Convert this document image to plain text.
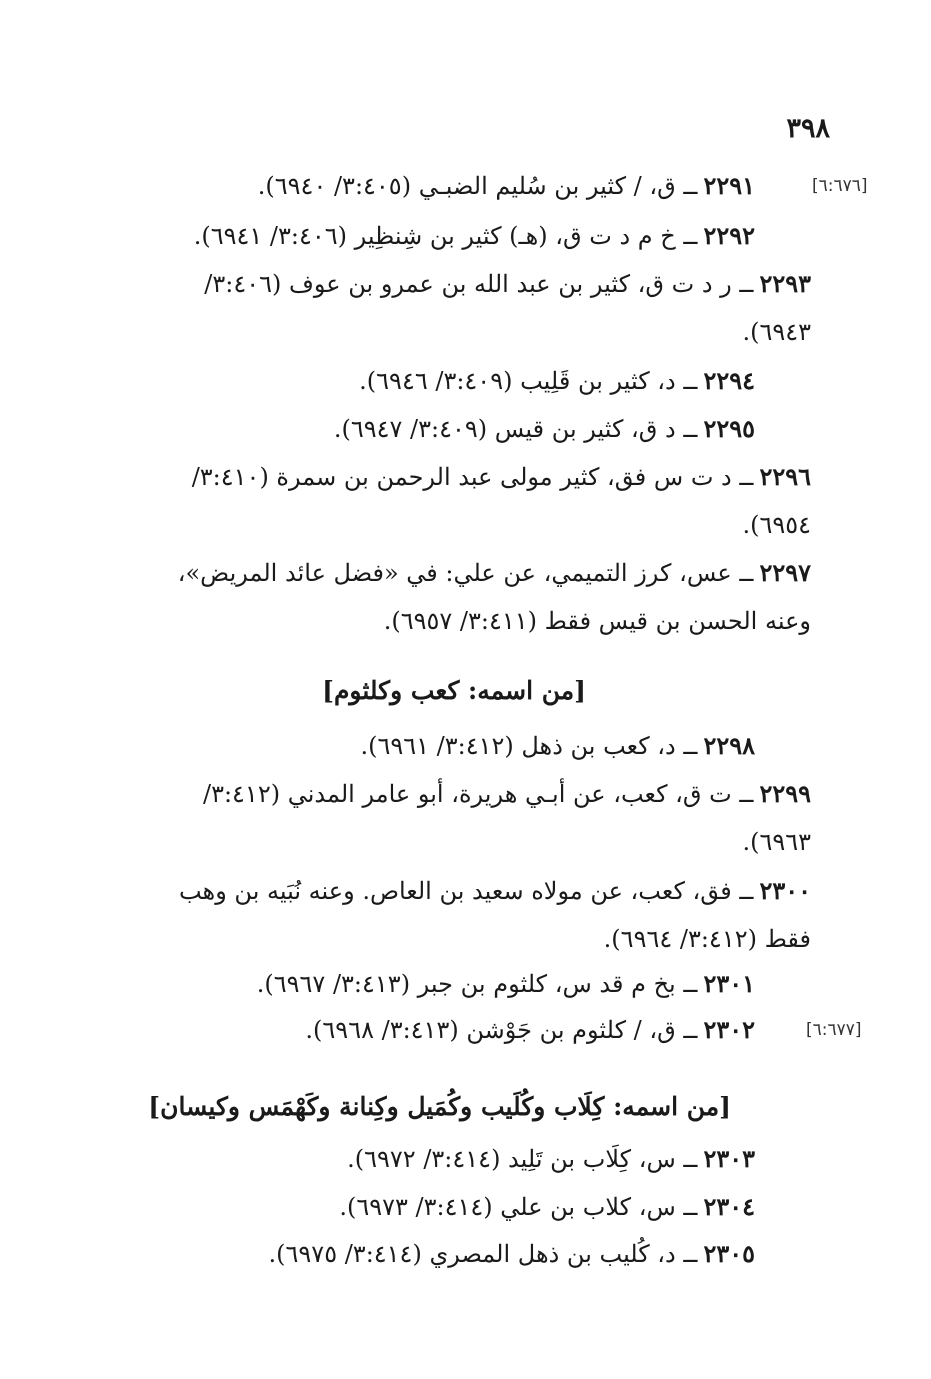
٣٩٨
[٦:٦٧٦]
[٦:٦٧٧]
٢٢٩١ــ ق، / كثير بن سُليم الضبـي (٣:٤٠٥/ ٦٩٤٠).
٢٢٩٢ــ خ م د ت ق، (هـ) كثير بن شِنظِير (٣:٤٠٦/ ٦٩٤١).
٢٢٩٣ــ ر د ت ق، كثير بن عبد الله بن عمرو بن عوف (٣:٤٠٦/
٦٩٤٣).
٢٢٩٤ــ د، كثير بن قَلِيب (٣:٤٠٩/ ٦٩٤٦).
٢٢٩٥ــ د ق، كثير بن قيس (٣:٤٠٩/ ٦٩٤٧).
٢٢٩٦ــ د ت س فق، كثير مولى عبد الرحمن بن سمرة (٣:٤١٠/
٦٩٥٤).
٢٢٩٧ــ عس، كرز التميمي، عن علي: في «فضل عائد المريض»،
وعنه الحسن بن قيس فقط (٣:٤١١/ ٦٩٥٧).
[من اسمه: كعب وكلثوم]
٢٢٩٨ــ د، كعب بن ذهل (٣:٤١٢/ ٦٩٦١).
٢٢٩٩ــ ت ق، كعب، عن أبـي هريرة، أبو عامر المدني (٣:٤١٢/
٦٩٦٣).
٢٣٠٠ــ فق، كعب، عن مولاه سعيد بن العاص. وعنه نُبَيه بن وهب
فقط (٣:٤١٢/ ٦٩٦٤).
٢٣٠١ــ بخ م قد س، كلثوم بن جبر (٣:٤١٣/ ٦٩٦٧).
٢٣٠٢ــ ق، / كلثوم بن جَوْشن (٣:٤١٣/ ٦٩٦٨).
[من اسمه: كِلَاب وكُلَيب وكُمَيل وكِنانة وكَهْمَس وكيسان]
٢٣٠٣ــ س، كِلَاب بن تَلِيد (٣:٤١٤/ ٦٩٧٢).
٢٣٠٤ــ س، كلاب بن علي (٣:٤١٤/ ٦٩٧٣).
٢٣٠٥ــ د، كُليب بن ذهل المصري (٣:٤١٤/ ٦٩٧٥).
